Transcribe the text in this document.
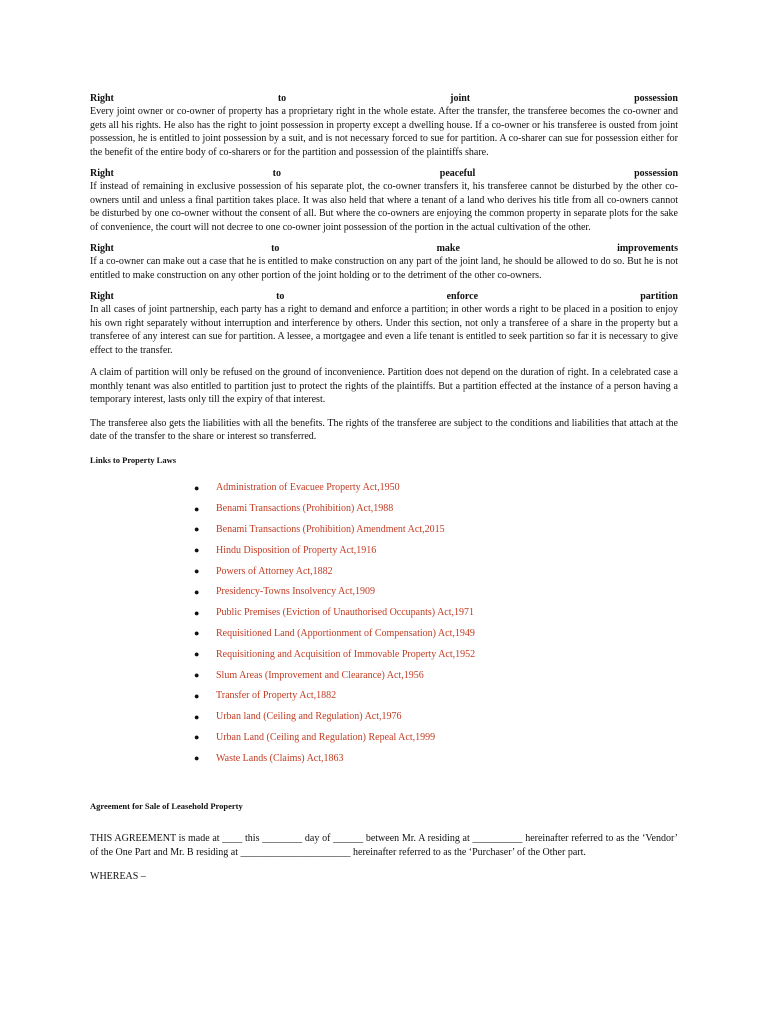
Right	to	joint	possession

Every joint owner or co-owner of property has a proprietary right in the whole estate. After the transfer, the transferee becomes the co-owner and gets all his rights. He also has the right to joint possession in property except a dwelling house. If a co-owner or his transferee is ousted from joint possession, he is entitled to joint possession by a suit, and is not necessary forced to sue for partition. A co-sharer can sue for possession either for the benefit of the entire body of co-sharers or for the partition and possession of the plaintiffs share.

Right	to	peaceful	possession

If instead of remaining in exclusive possession of his separate plot, the co-owner transfers it, his transferee cannot be disturbed by the other co-owners until and unless a final partition takes place. It was also held that where a tenant of a land who derives his title from all co-owners cannot be disturbed by one co-owner without the consent of all. But where the co-owners are enjoying the common property in separate plots for the sake of convenience, the court will not decree to one co-owner joint possession of the portion in the actual cultivation of the other.

Right	to	make	improvements

If a co-owner can make out a case that he is entitled to make construction on any part of the joint land, he should be allowed to do so. But he is not entitled to make construction on any other portion of the joint holding or to the detriment of the other co-owners.

Right	to	enforce	partition

In all cases of joint partnership, each party has a right to demand and enforce a partition; in other words a right to be placed in a position to enjoy his own right separately without interruption and interference by others. Under this section, not only a transferee of a share in the property but a transferee of any interest can sue for partition. A lessee, a mortgagee and even a life tenant is entitled to seek partition so far it is necessary to give effect to the transfer.

A claim of partition will only be refused on the ground of inconvenience. Partition does not depend on the duration of right. In a celebrated case a monthly tenant was also entitled to partition just to protect the rights of the plaintiffs. But a partition effected at the instance of a person having a temporary interest, lasts only till the expiry of that interest.

The transferee also gets the liabilities with all the benefits. The rights of the transferee are subject to the conditions and liabilities that attach at the date of the transfer to the share or interest so transferred.

Links to Property Laws
●	Administration of Evacuee Property Act,1950
●	Benami Transactions (Prohibition) Act,1988
●	Benami Transactions (Prohibition) Amendment Act,2015
●	Hindu Disposition of Property Act,1916
●	Powers of Attorney Act,1882
●	Presidency-Towns Insolvency Act,1909
●	Public Premises (Eviction of Unauthorised Occupants) Act,1971
●	Requisitioned Land (Apportionment of Compensation) Act,1949
●	Requisitioning and Acquisition of Immovable Property Act,1952
●	Slum Areas (Improvement and Clearance) Act,1956
●	Transfer of Property Act,1882
●	Urban land (Ceiling and Regulation) Act,1976
●	Urban Land (Ceiling and Regulation) Repeal Act,1999
●	Waste Lands (Claims) Act,1863
Agreement for Sale of Leasehold Property

THIS AGREEMENT is made at ____ this ________ day of ______ between Mr. A residing at __________ hereinafter referred to as the ‘Vendor’ of the One Part and Mr. B residing at ______________________ hereinafter referred to as the ‘Purchaser’ of the Other part.

WHEREAS –
